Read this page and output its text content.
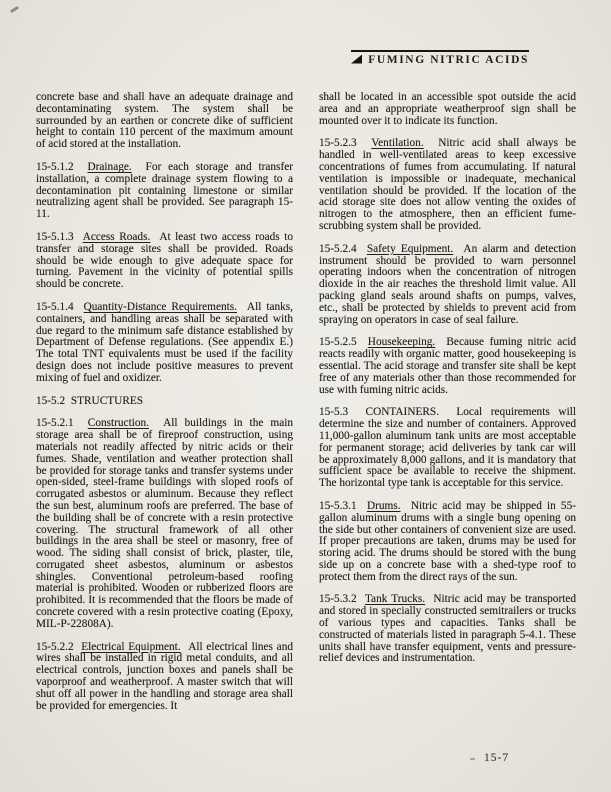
FUMING NITRIC ACIDS
concrete base and shall have an adequate drainage and decontaminating system. The system shall be surrounded by an earthen or concrete dike of sufficient height to contain 110 percent of the maximum amount of acid stored at the installation.
15-5.1.2 Drainage. For each storage and transfer installation, a complete drainage system flowing to a decontamination pit containing limestone or similar neutralizing agent shall be provided. See paragraph 15-11.
15-5.1.3 Access Roads. At least two access roads to transfer and storage sites shall be provided. Roads should be wide enough to give adequate space for turning. Pavement in the vicinity of potential spills should be concrete.
15-5.1.4 Quantity-Distance Requirements. All tanks, containers, and handling areas shall be separated with due regard to the minimum safe distance established by Department of Defense regulations. (See appendix E.) The total TNT equivalents must be used if the facility design does not include positive measures to prevent mixing of fuel and oxidizer.
15-5.2 STRUCTURES
15-5.2.1 Construction. All buildings in the main storage area shall be of fireproof construction, using materials not readily affected by nitric acids or their fumes. Shade, ventilation and weather protection shall be provided for storage tanks and transfer systems under open-sided, steel-frame buildings with sloped roofs of corrugated asbestos or aluminum. Because they reflect the sun best, aluminum roofs are preferred. The base of the building shall be of concrete with a resin protective covering. The structural framework of all other buildings in the area shall be steel or masonry, free of wood. The siding shall consist of brick, plaster, tile, corrugated sheet asbestos, aluminum or asbestos shingles. Conventional petroleum-based roofing material is prohibited. Wooden or rubberized floors are prohibited. It is recommended that the floors be made of concrete covered with a resin protective coating (Epoxy, MIL-P-22808A).
15-5.2.2 Electrical Equipment. All electrical lines and wires shall be installed in rigid metal conduits, and all electrical controls, junction boxes and panels shall be vaporproof and weatherproof. A master switch that will shut off all power in the handling and storage area shall be provided for emergencies. It
shall be located in an accessible spot outside the acid area and an appropriate weatherproof sign shall be mounted over it to indicate its function.
15-5.2.3 Ventilation. Nitric acid shall always be handled in well-ventilated areas to keep excessive concentrations of fumes from accumulating. If natural ventilation is impossible or inadequate, mechanical ventilation should be provided. If the location of the acid storage site does not allow venting the oxides of nitrogen to the atmosphere, then an efficient fume-scrubbing system shall be provided.
15-5.2.4 Safety Equipment. An alarm and detection instrument should be provided to warn personnel operating indoors when the concentration of nitrogen dioxide in the air reaches the threshold limit value. All packing gland seals around shafts on pumps, valves, etc., shall be protected by shields to prevent acid from spraying on operators in case of seal failure.
15-5.2.5 Housekeeping. Because fuming nitric acid reacts readily with organic matter, good housekeeping is essential. The acid storage and transfer site shall be kept free of any materials other than those recommended for use with fuming nitric acids.
15-5.3 CONTAINERS. Local requirements will determine the size and number of containers. Approved 11,000-gallon aluminum tank units are most acceptable for permanent storage; acid deliveries by tank car will be approximately 8,000 gallons, and it is mandatory that sufficient space be available to receive the shipment. The horizontal type tank is acceptable for this service.
15-5.3.1 Drums. Nitric acid may be shipped in 55-gallon aluminum drums with a single bung opening on the side but other containers of convenient size are used. If proper precautions are taken, drums may be used for storing acid. The drums should be stored with the bung side up on a concrete base with a shed-type roof to protect them from the direct rays of the sun.
15-5.3.2 Tank Trucks. Nitric acid may be transported and stored in specially constructed semitrailers or trucks of various types and capacities. Tanks shall be constructed of materials listed in paragraph 5-4.1. These units shall have transfer equipment, vents and pressure-relief devices and instrumentation.
15-7
